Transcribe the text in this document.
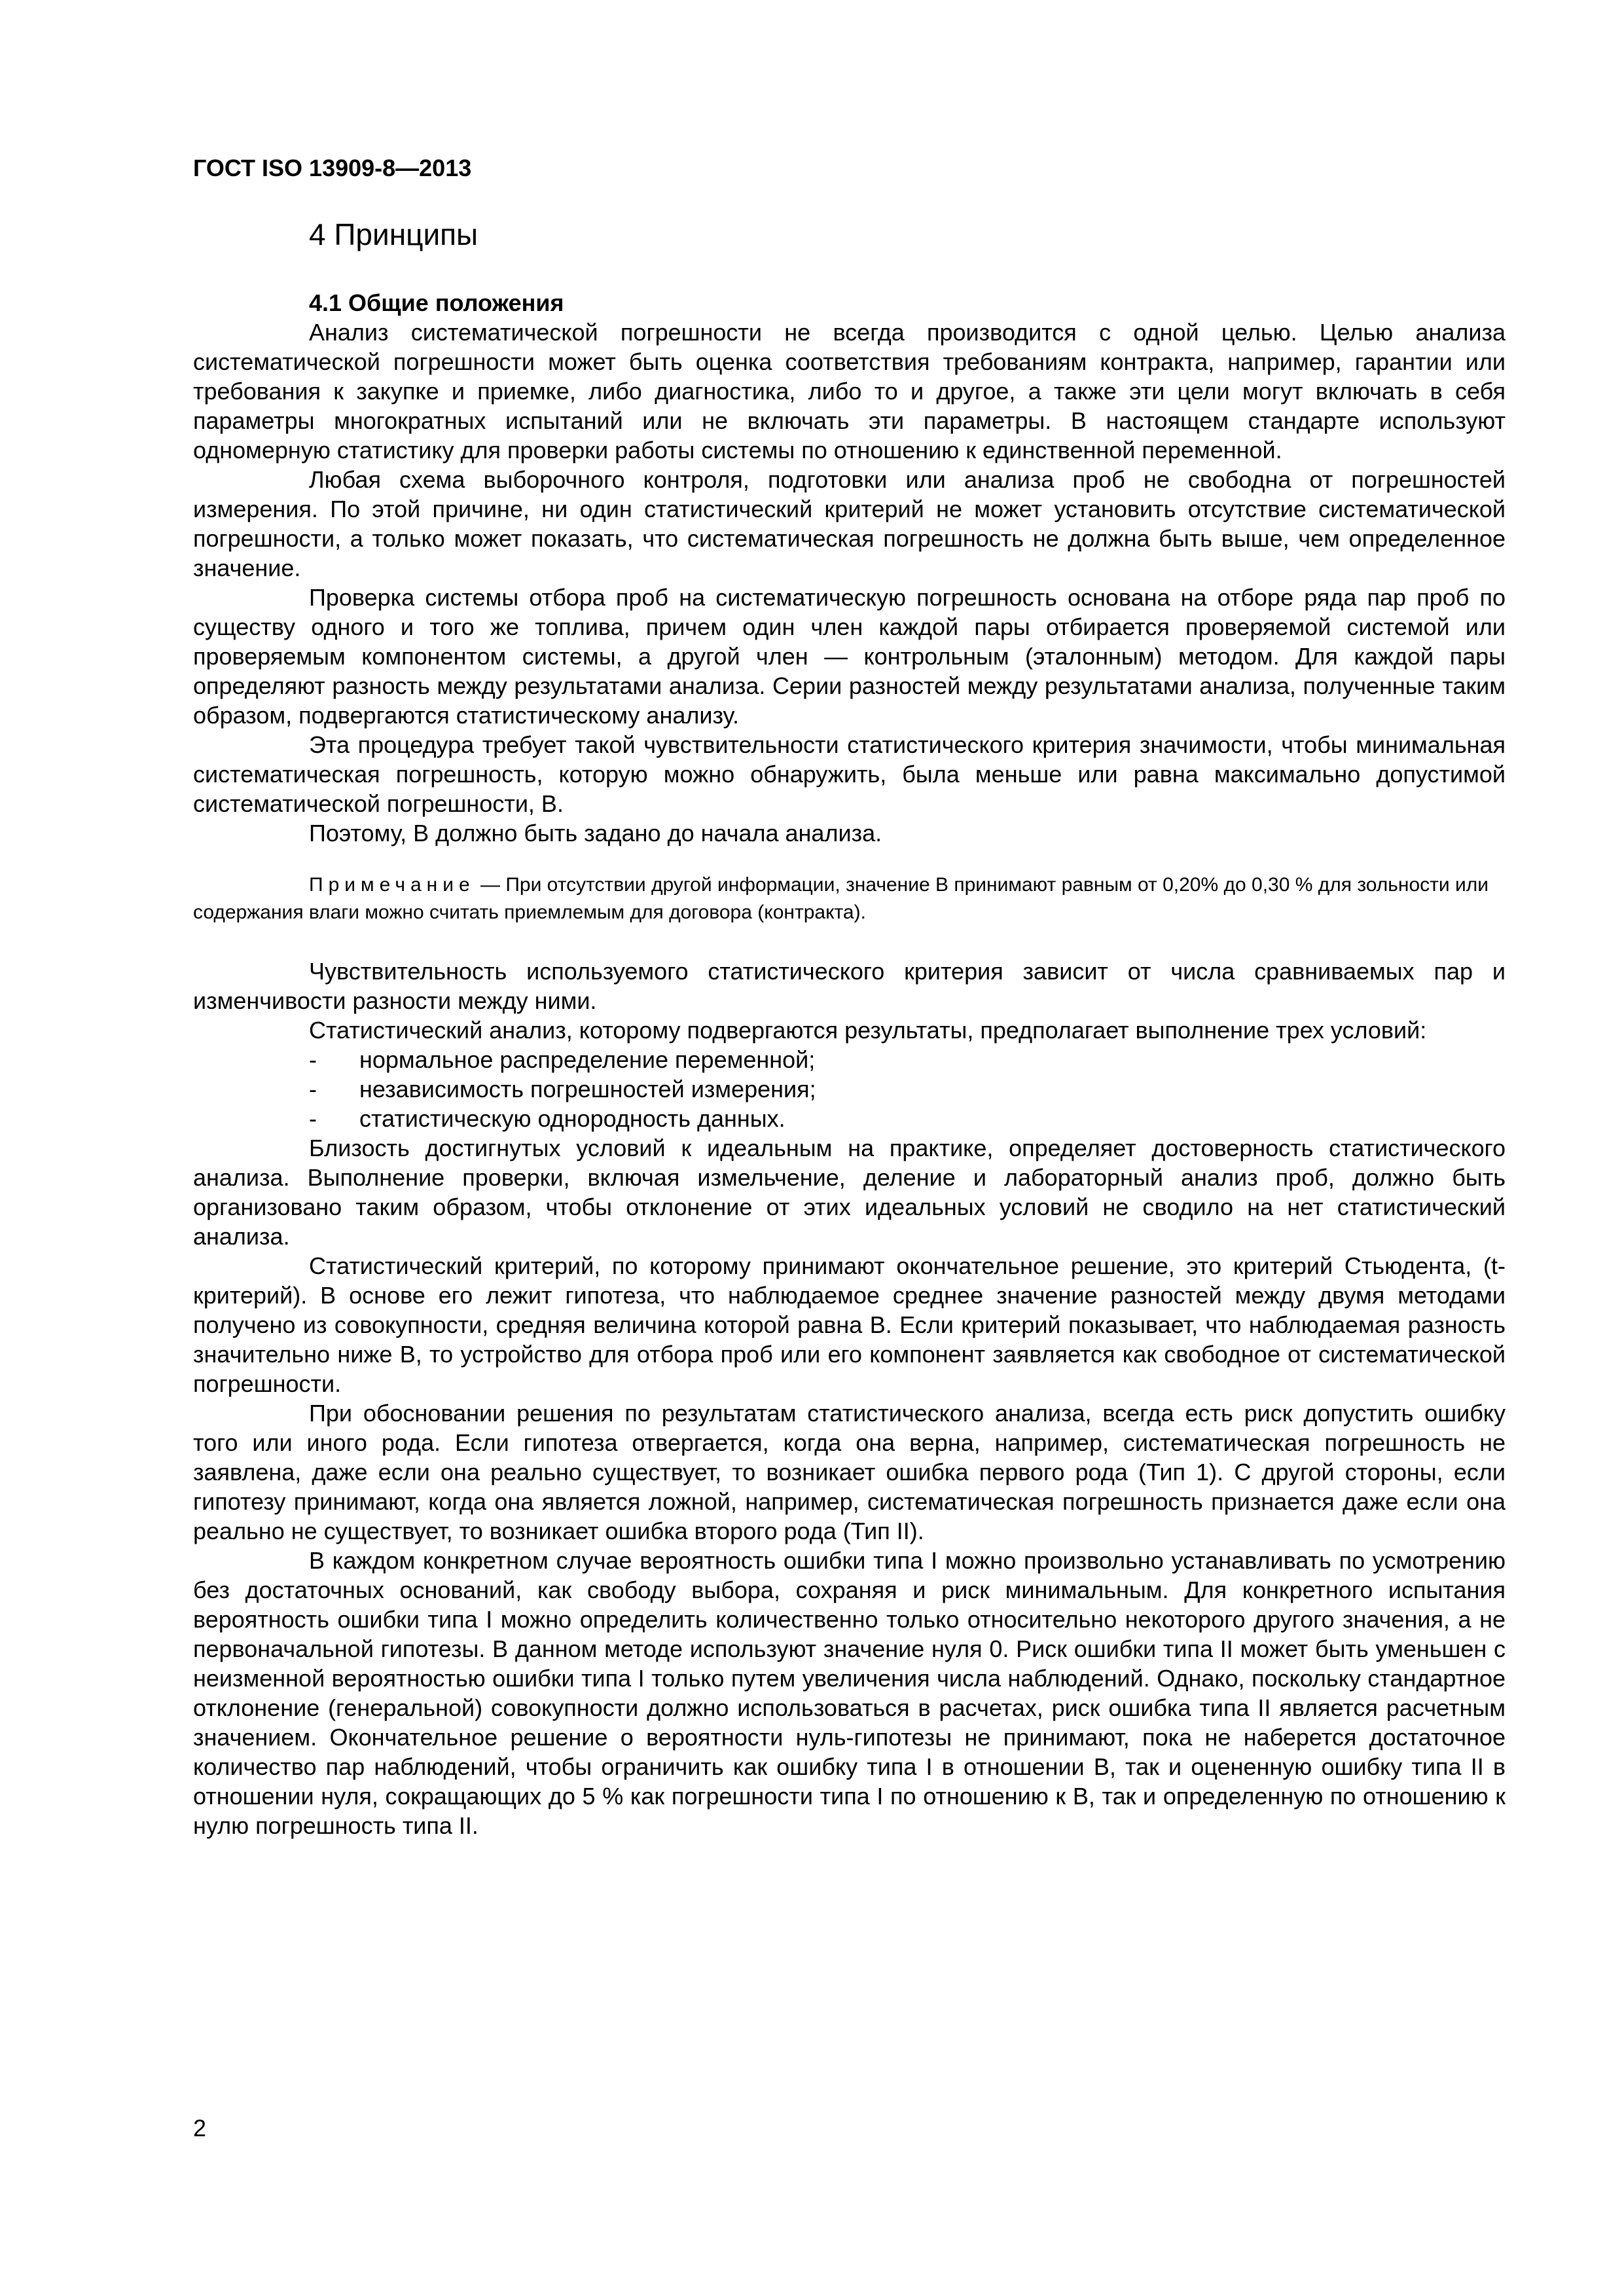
ГОСТ ISO 13909-8—2013
4 Принципы
4.1 Общие положения

Анализ систематической погрешности не всегда производится с одной целью. Целью анализа систематической погрешности может быть оценка соответствия требованиям контракта, например, гарантии или требования к закупке и приемке, либо диагностика, либо то и другое, а также эти цели могут включать в себя параметры многократных испытаний или не включать эти параметры. В настоящем стандарте используют одномерную статистику для проверки работы системы по отношению к единственной переменной.

Любая схема выборочного контроля, подготовки или анализа проб не свободна от погрешностей измерения. По этой причине, ни один статистический критерий не может установить отсутствие систематической погрешности, а только может показать, что систематическая погрешность не должна быть выше, чем определенное значение.

Проверка системы отбора проб на систематическую погрешность основана на отборе ряда пар проб по существу одного и того же топлива, причем один член каждой пары отбирается проверяемой системой или проверяемым компонентом системы, а другой член — контрольным (эталонным) методом. Для каждой пары определяют разность между результатами анализа. Серии разностей между результатами анализа, полученные таким образом, подвергаются статистическому анализу.

Эта процедура требует такой чувствительности статистического критерия значимости, чтобы минимальная систематическая погрешность, которую можно обнаружить, была меньше или равна максимально допустимой систематической погрешности, B.

Поэтому, B должно быть задано до начала анализа.

Примечание — При отсутствии другой информации, значение B принимают равным от 0,20% до 0,30 % для зольности или содержания влаги можно считать приемлемым для договора (контракта).

Чувствительность используемого статистического критерия зависит от числа сравниваемых пар и изменчивости разности между ними.

Статистический анализ, которому подвергаются результаты, предполагает выполнение трех условий:

- нормальное распределение переменной;
- независимость погрешностей измерения;
- статистическую однородность данных.

Близость достигнутых условий к идеальным на практике, определяет достоверность статистического анализа. Выполнение проверки, включая измельчение, деление и лабораторный анализ проб, должно быть организовано таким образом, чтобы отклонение от этих идеальных условий не сводило на нет статистический анализа.

Статистический критерий, по которому принимают окончательное решение, это критерий Стьюдента, (t-критерий). В основе его лежит гипотеза, что наблюдаемое среднее значение разностей между двумя методами получено из совокупности, средняя величина которой равна B. Если критерий показывает, что наблюдаемая разность значительно ниже B, то устройство для отбора проб или его компонент заявляется как свободное от систематической погрешности.

При обосновании решения по результатам статистического анализа, всегда есть риск допустить ошибку того или иного рода. Если гипотеза отвергается, когда она верна, например, систематическая погрешность не заявлена, даже если она реально существует, то возникает ошибка первого рода (Тип 1). С другой стороны, если гипотезу принимают, когда она является ложной, например, систематическая погрешность признается даже если она реально не существует, то возникает ошибка второго рода (Тип II).

В каждом конкретном случае вероятность ошибки типа I можно произвольно устанавливать по усмотрению без достаточных оснований, как свободу выбора, сохраняя и риск минимальным. Для конкретного испытания вероятность ошибки типа I можно определить количественно только относительно некоторого другого значения, а не первоначальной гипотезы. В данном методе используют значение нуля 0. Риск ошибки типа II может быть уменьшен с неизменной вероятностью ошибки типа I только путем увеличения числа наблюдений. Однако, поскольку стандартное отклонение (генеральной) совокупности должно использоваться в расчетах, риск ошибка типа II является расчетным значением. Окончательное решение о вероятности нуль-гипотезы не принимают, пока не наберется достаточное количество пар наблюдений, чтобы ограничить как ошибку типа I в отношении B, так и оцененную ошибку типа II в отношении нуля, сокращающих до 5 % как погрешности типа I по отношению к B, так и определенную по отношению к нулю погрешность типа II.

2
